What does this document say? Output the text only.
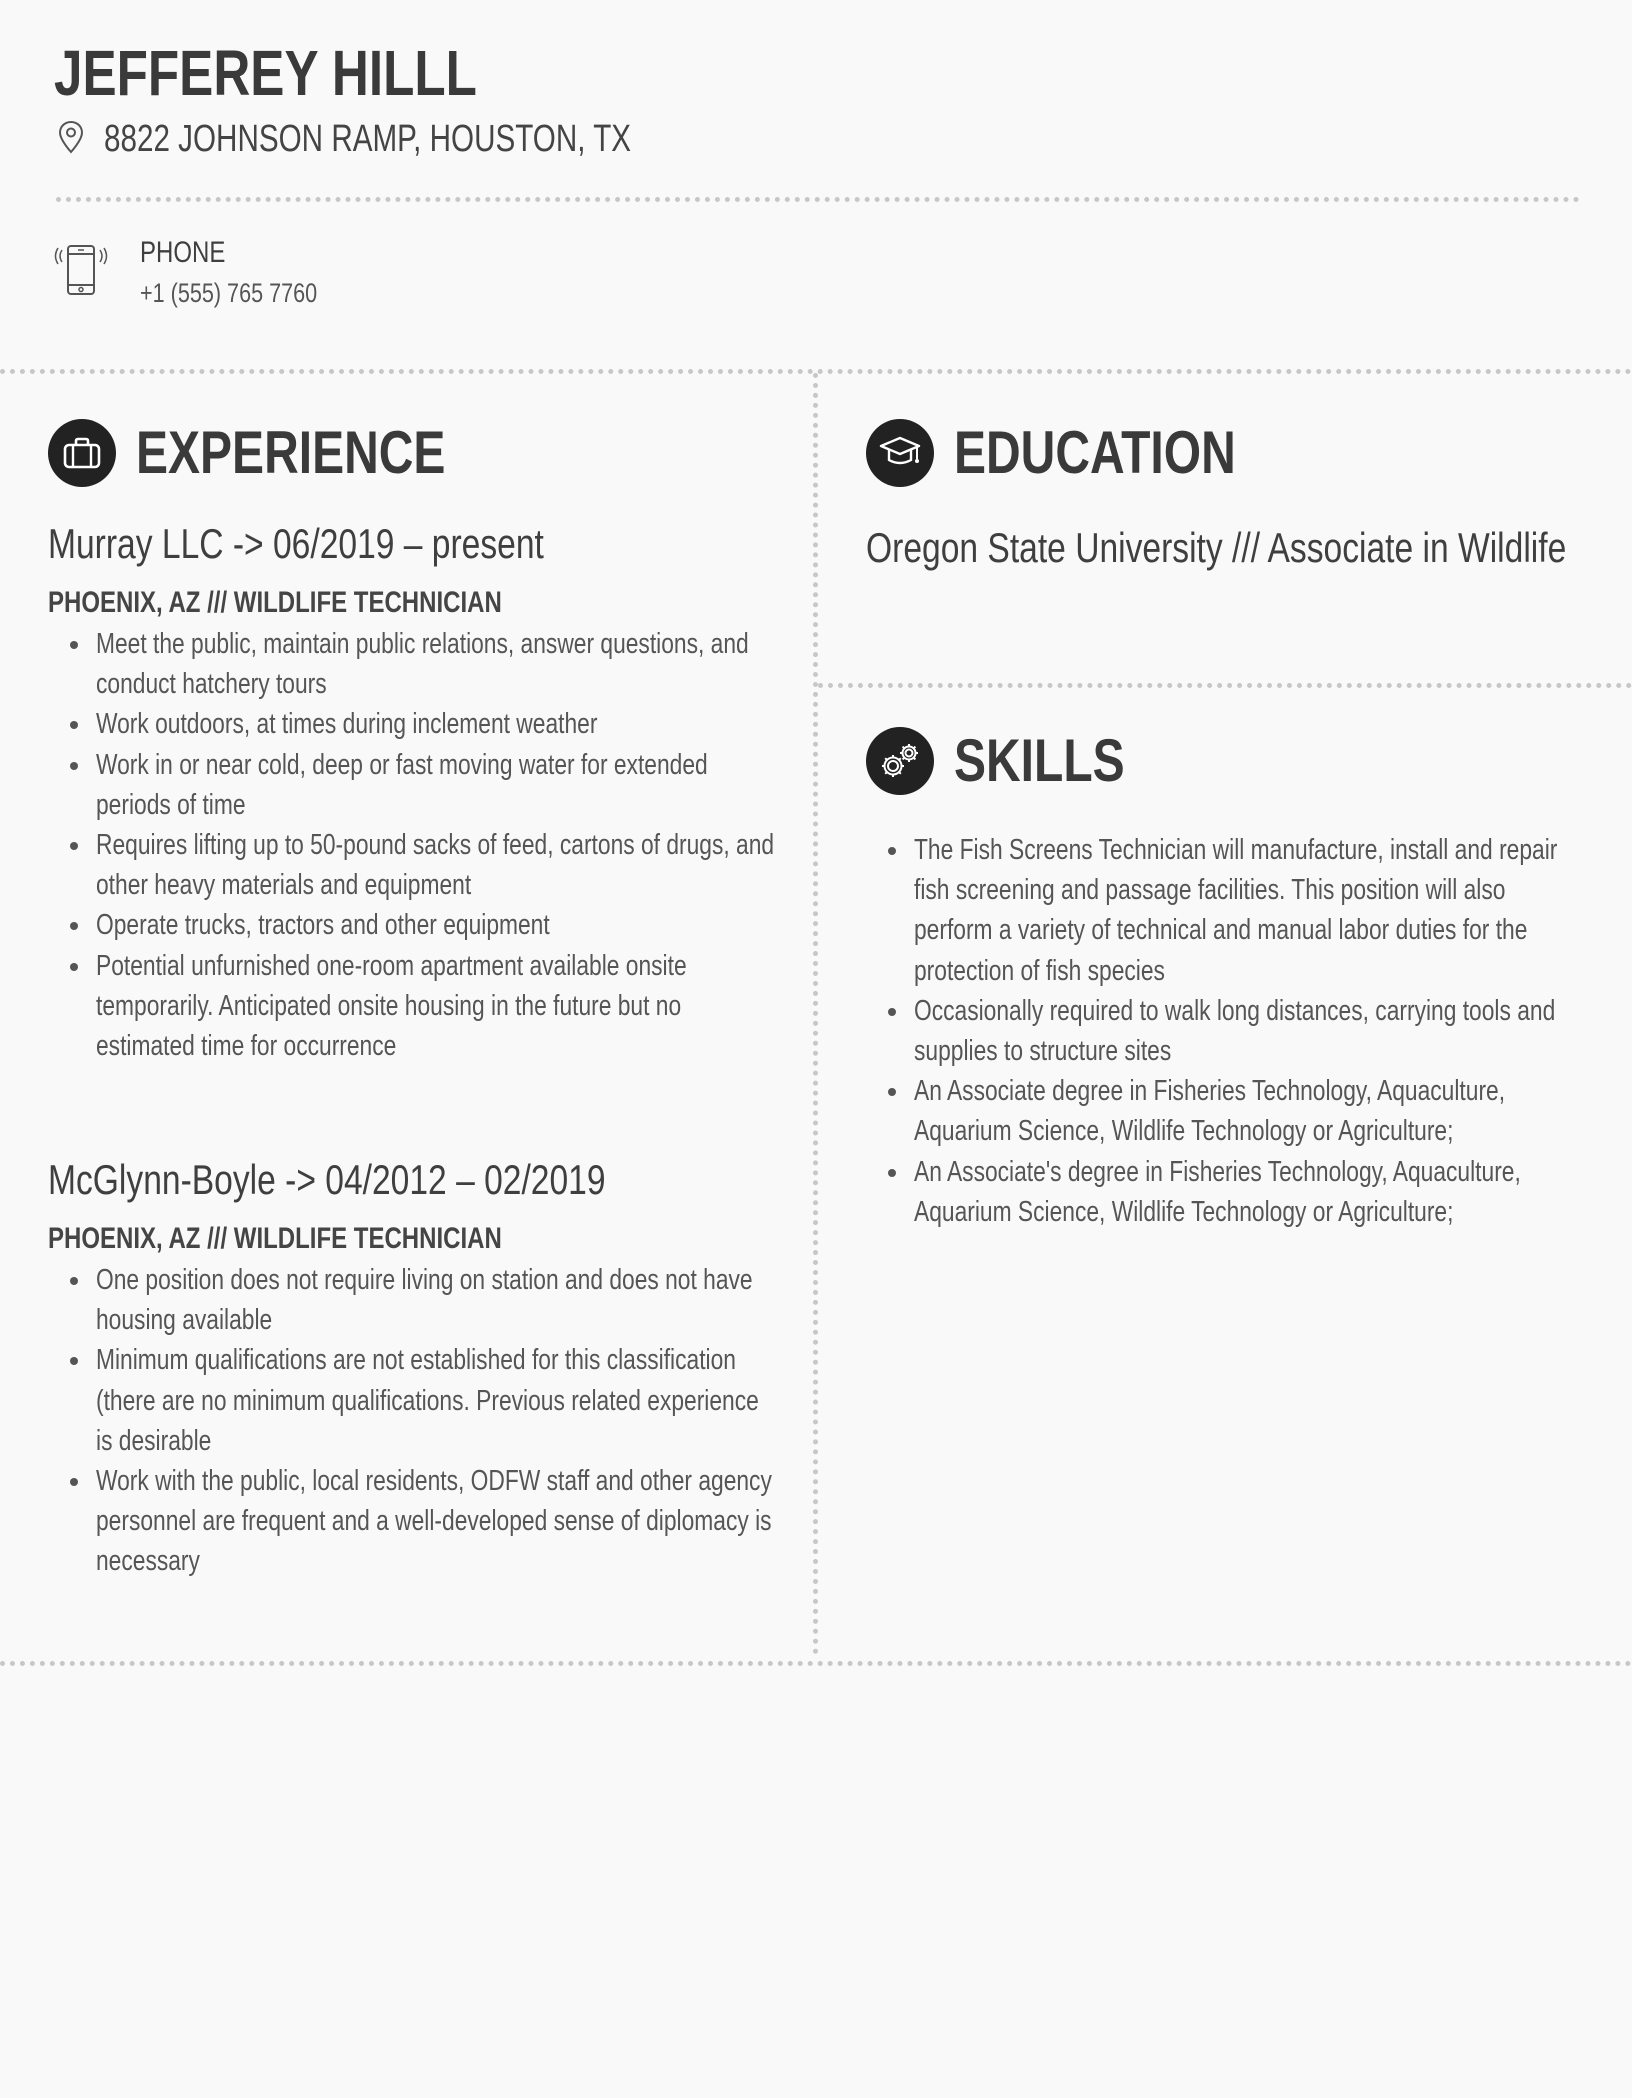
JEFFEREY HILLL
8822 JOHNSON RAMP, HOUSTON, TX
PHONE
+1 (555) 765 7760
EXPERIENCE
Murray LLC -> 06/2019 – present
PHOENIX, AZ /// WILDLIFE TECHNICIAN
Meet the public, maintain public relations, answer questions, and conduct hatchery tours
Work outdoors, at times during inclement weather
Work in or near cold, deep or fast moving water for extended periods of time
Requires lifting up to 50-pound sacks of feed, cartons of drugs, and other heavy materials and equipment
Operate trucks, tractors and other equipment
Potential unfurnished one-room apartment available onsite temporarily. Anticipated onsite housing in the future but no estimated time for occurrence
McGlynn-Boyle -> 04/2012 – 02/2019
PHOENIX, AZ /// WILDLIFE TECHNICIAN
One position does not require living on station and does not have housing available
Minimum qualifications are not established for this classification (there are no minimum qualifications. Previous related experience is desirable
Work with the public, local residents, ODFW staff and other agency personnel are frequent and a well-developed sense of diplomacy is necessary
EDUCATION
Oregon State University /// Associate in Wildlife
SKILLS
The Fish Screens Technician will manufacture, install and repair fish screening and passage facilities. This position will also perform a variety of technical and manual labor duties for the protection of fish species
Occasionally required to walk long distances, carrying tools and supplies to structure sites
An Associate degree in Fisheries Technology, Aquaculture, Aquarium Science, Wildlife Technology or Agriculture;
An Associate's degree in Fisheries Technology, Aquaculture, Aquarium Science, Wildlife Technology or Agriculture;
